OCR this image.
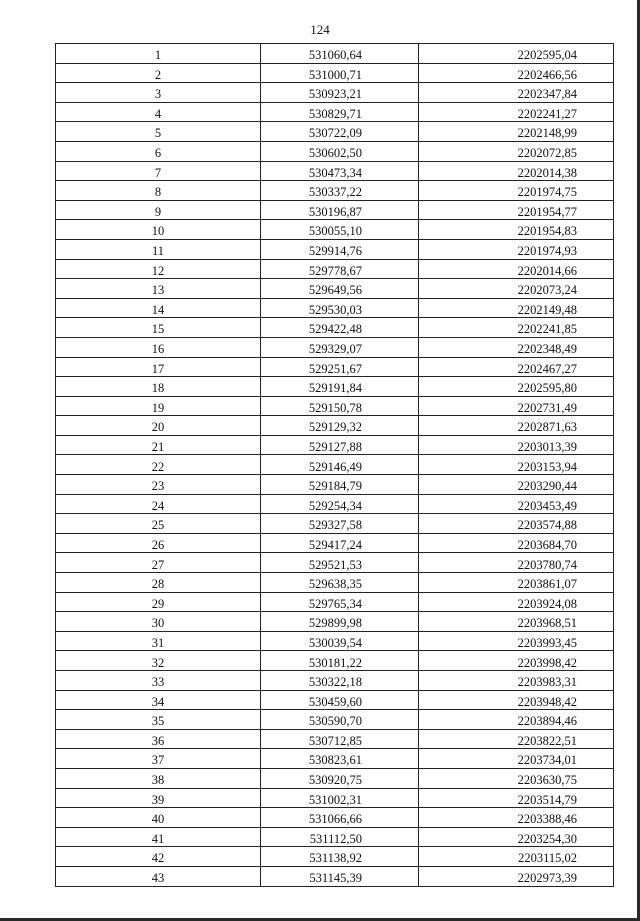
124
1	531060,64	2202595,04
2	531000,71	2202466,56
3	530923,21	2202347,84
4	530829,71	2202241,27
5	530722,09	2202148,99
6	530602,50	2202072,85
7	530473,34	2202014,38
8	530337,22	2201974,75
9	530196,87	2201954,77
10	530055,10	2201954,83
11	529914,76	2201974,93
12	529778,67	2202014,66
13	529649,56	2202073,24
14	529530,03	2202149,48
15	529422,48	2202241,85
16	529329,07	2202348,49
17	529251,67	2202467,27
18	529191,84	2202595,80
19	529150,78	2202731,49
20	529129,32	2202871,63
21	529127,88	2203013,39
22	529146,49	2203153,94
23	529184,79	2203290,44
24	529254,34	2203453,49
25	529327,58	2203574,88
26	529417,24	2203684,70
27	529521,53	2203780,74
28	529638,35	2203861,07
29	529765,34	2203924,08
30	529899,98	2203968,51
31	530039,54	2203993,45
32	530181,22	2203998,42
33	530322,18	2203983,31
34	530459,60	2203948,42
35	530590,70	2203894,46
36	530712,85	2203822,51
37	530823,61	2203734,01
38	530920,75	2203630,75
39	531002,31	2203514,79
40	531066,66	2203388,46
41	531112,50	2203254,30
42	531138,92	2203115,02
43	531145,39	2202973,39
